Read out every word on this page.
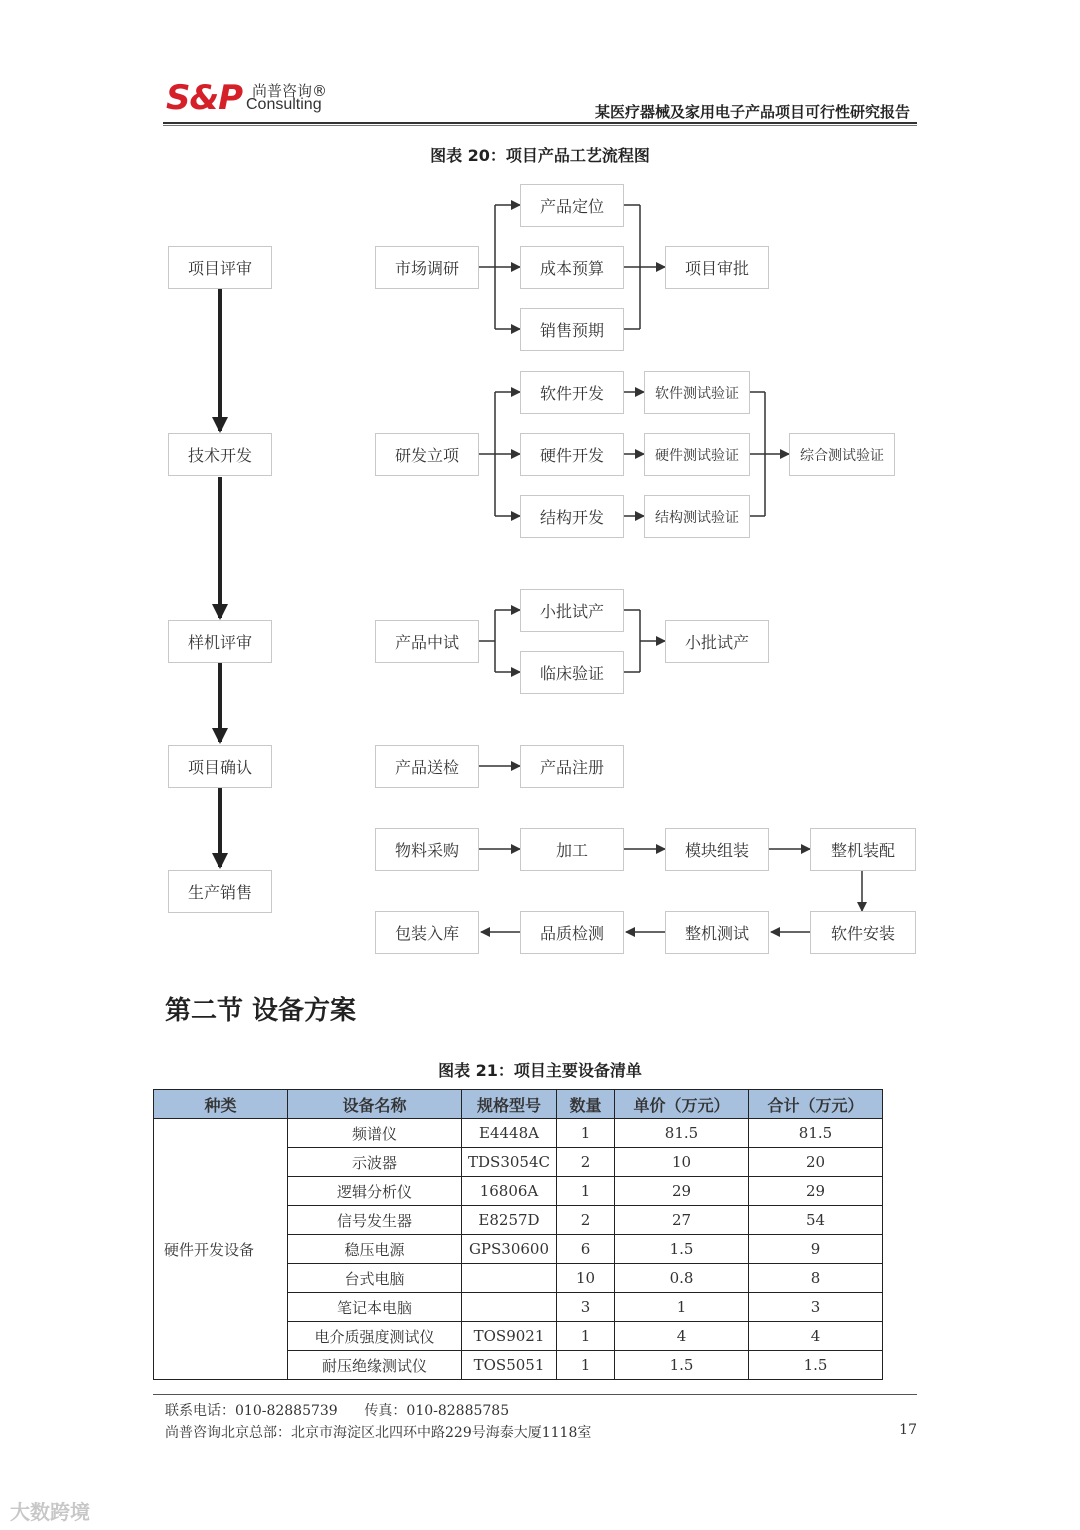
S&P 尚普咨询®
Consulting	某医疗器械及家用电子产品项目可行性研究报告
图表 20：项目产品工艺流程图
项目评审
技术开发
样机评审
项目确认
生产销售
市场调研
产品定位
成本预算
销售预期
项目审批
研发立项
软件开发
硬件开发
结构开发
软件测试验证
硬件测试验证
结构测试验证
综合测试验证
产品中试
小批试产
临床验证
小批试产
产品送检	产品注册
物料采购	加工	模块组装	整机装配
软件安装
整机测试
品质检测
包装入库
第二节 设备方案
图表 21：项目主要设备清单
种类	设备名称	规格型号	数量	单价（万元）	合计（万元）
硬件开发设备	频谱仪	E4448A	1	81.5	81.5
	示波器	TDS3054C	2	10	20
	逻辑分析仪	16806A	1	29	29
	信号发生器	E8257D	2	27	54
	稳压电源	GPS30600	6	1.5	9
	台式电脑		10	0.8	8
	笔记本电脑		3	1	3
	电介质强度测试仪	TOS9021	1	4	4
	耐压绝缘测试仪	TOS5051	1	1.5	1.5
联系电话：010-82885739      传真：010-82885785
尚普咨询北京总部：北京市海淀区北四环中路229号海泰大厦1118室	17
大数跨境
